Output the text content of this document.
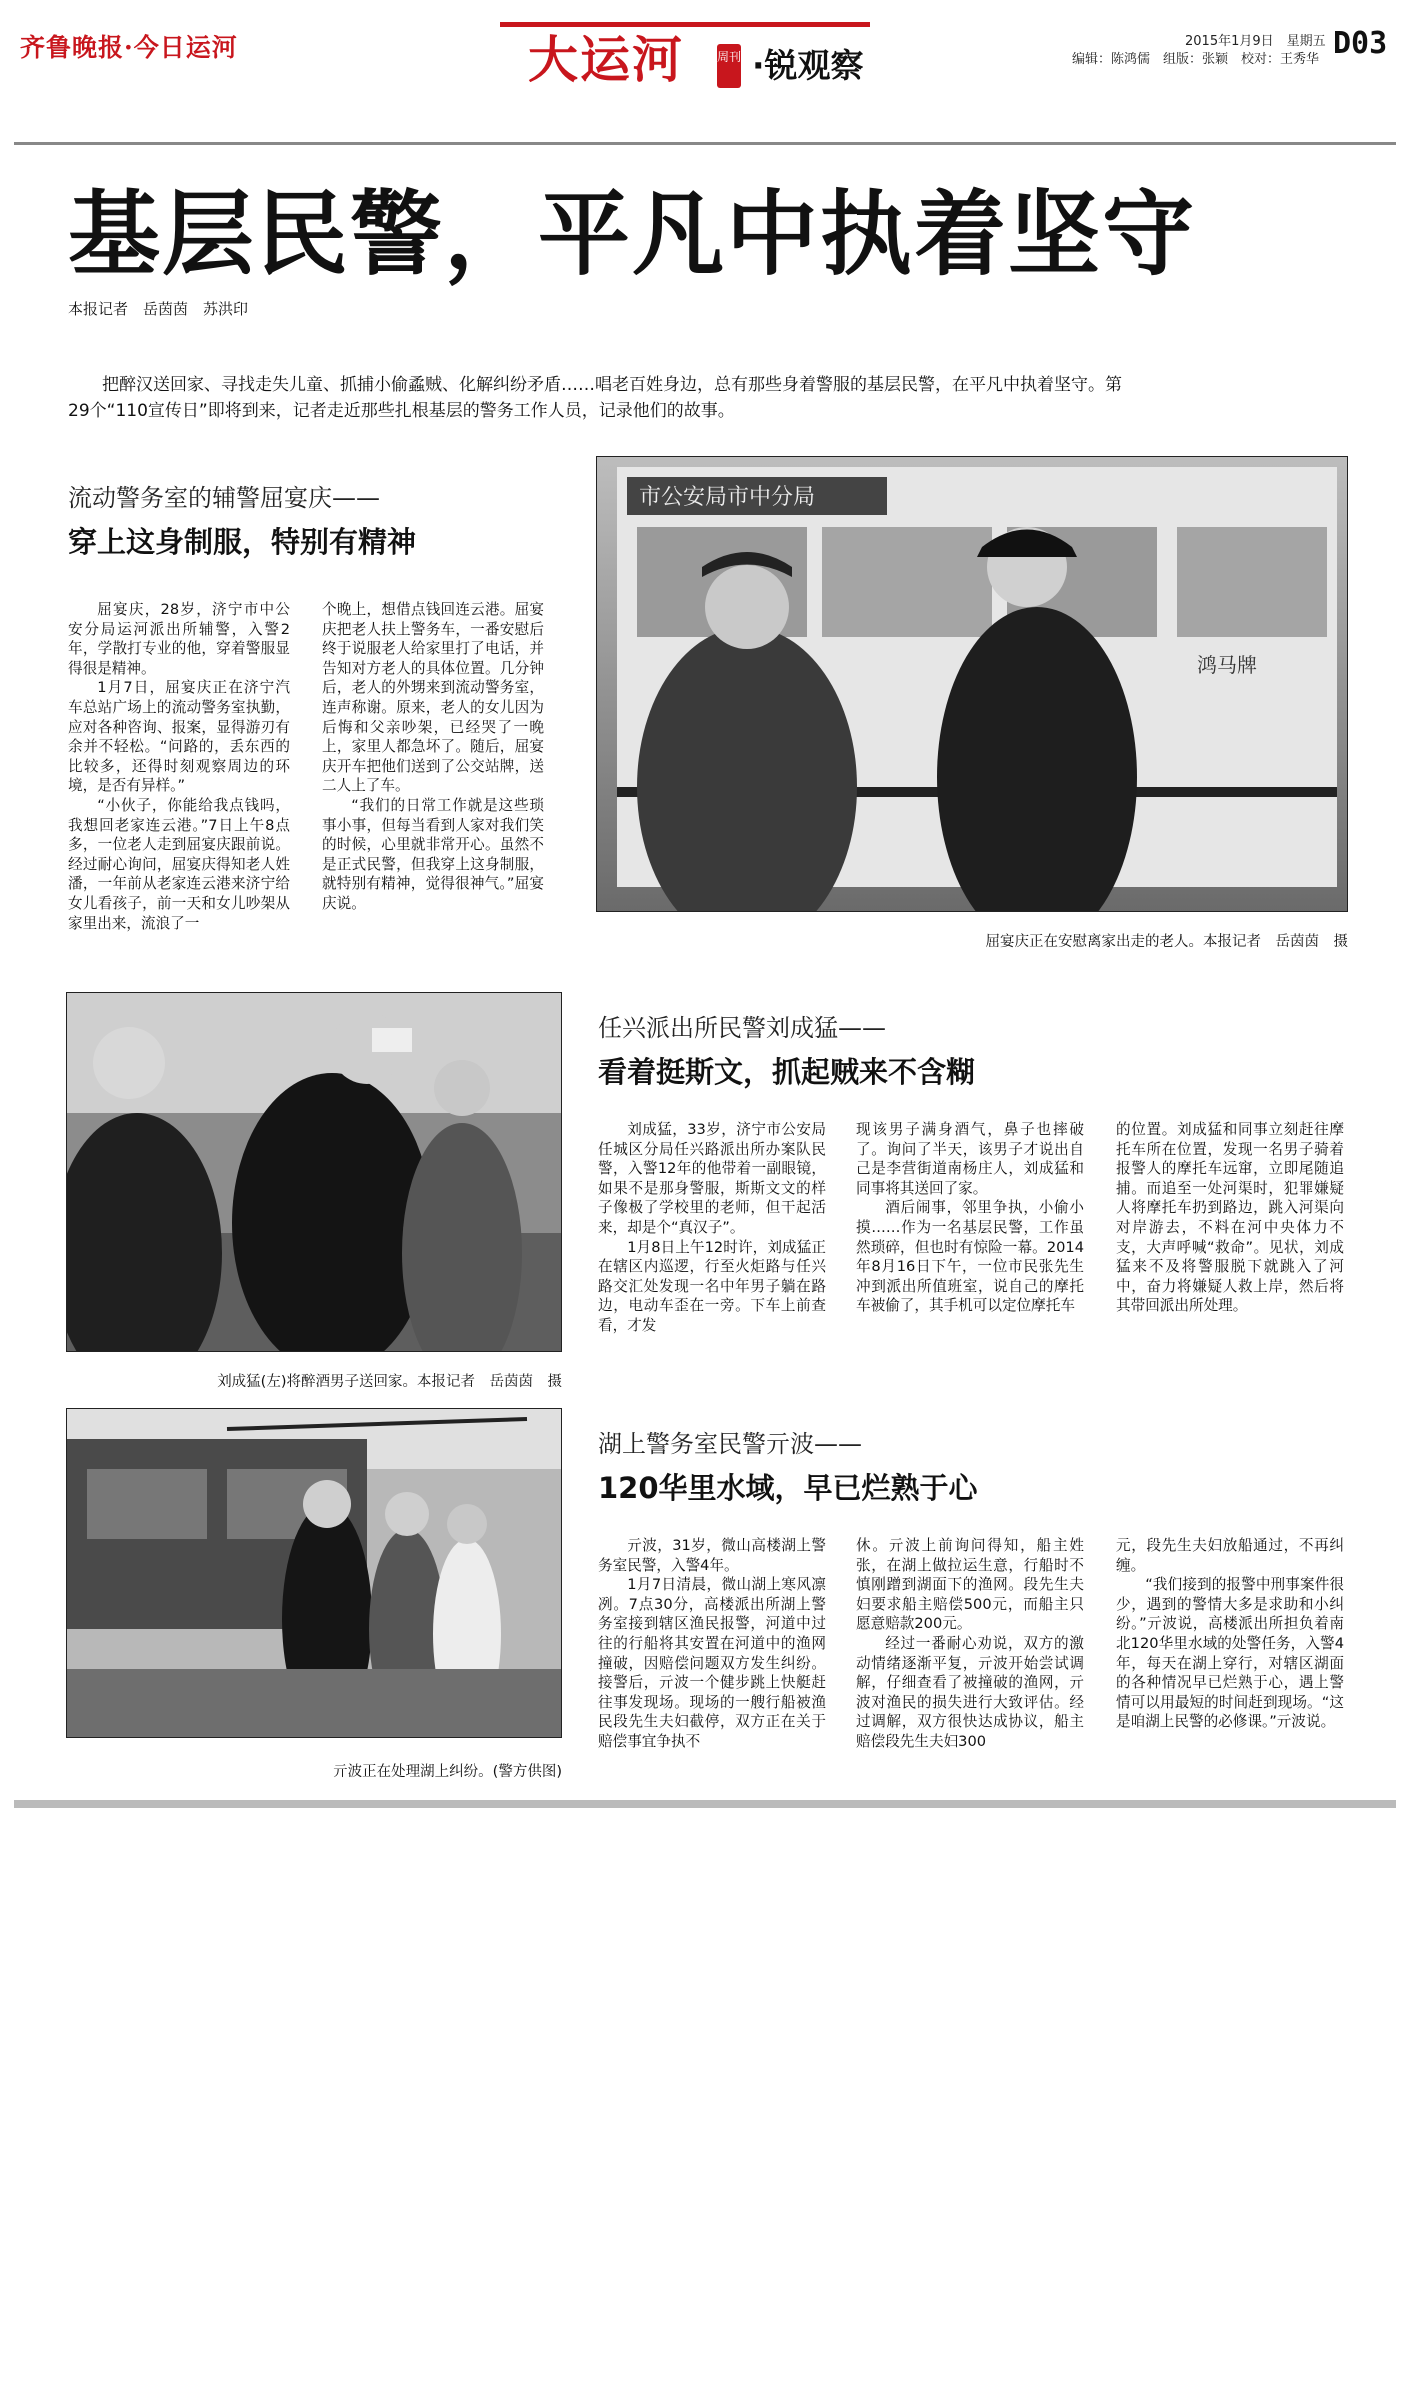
齐鲁晚报·今日运河	大运河	周刊 ·锐观察
2015年1月9日　星期五
编辑：陈鸿儒　组版：张颖　校对：王秀华 D03
基层民警，平凡中执着坚守
本报记者　岳茵茵　苏洪印
把醉汉送回家、寻找走失儿童、抓捕小偷蟊贼、化解纠纷矛盾……唱老百姓身边，总有那些身着警服的基层民警，在平凡中执着坚守。第29个“110宣传日”即将到来，记者走近那些扎根基层的警务工作人员，记录他们的故事。
流动警务室的辅警屈宴庆——
穿上这身制服，特别有精神

屈宴庆，28岁，济宁市中公安分局运河派出所辅警，入警2年，学散打专业的他，穿着警服显得很是精神。

1月7日，屈宴庆正在济宁汽车总站广场上的流动警务室执勤，应对各种咨询、报案，显得游刃有余并不轻松。“问路的，丢东西的比较多，还得时刻观察周边的环境，是否有异样。”

“小伙子，你能给我点钱吗，我想回老家连云港。”7日上午8点多，一位老人走到屈宴庆跟前说。经过耐心询问，屈宴庆得知老人姓潘，一年前从老家连云港来济宁给女儿看孩子，前一天和女儿吵架从家里出来，流浪了一

个晚上，想借点钱回连云港。屈宴庆把老人扶上警务车，一番安慰后终于说服老人给家里打了电话，并告知对方老人的具体位置。几分钟后，老人的外甥来到流动警务室，连声称谢。原来，老人的女儿因为后悔和父亲吵架，已经哭了一晚上，家里人都急坏了。随后，屈宴庆开车把他们送到了公交站牌，送二人上了车。

“我们的日常工作就是这些琐事小事，但每当看到人家对我们笑的时候，心里就非常开心。虽然不是正式民警，但我穿上这身制服，就特别有精神，觉得很神气。”屈宴庆说。

市公安局市中分局
鸿马牌
屈宴庆正在安慰离家出走的老人。本报记者　岳茵茵　摄
刘成猛(左)将醉酒男子送回家。本报记者　岳茵茵　摄
任兴派出所民警刘成猛——
看着挺斯文，抓起贼来不含糊

刘成猛，33岁，济宁市公安局任城区分局任兴路派出所办案队民警，入警12年的他带着一副眼镜，如果不是那身警服，斯斯文文的样子像极了学校里的老师，但干起活来，却是个“真汉子”。

1月8日上午12时许，刘成猛正在辖区内巡逻，行至火炬路与任兴路交汇处发现一名中年男子躺在路边，电动车歪在一旁。下车上前查看，才发

现该男子满身酒气，鼻子也摔破了。询问了半天，该男子才说出自己是李营街道南杨庄人，刘成猛和同事将其送回了家。

酒后闹事，邻里争执，小偷小摸……作为一名基层民警，工作虽然琐碎，但也时有惊险一幕。2014年8月16日下午，一位市民张先生冲到派出所值班室，说自己的摩托车被偷了，其手机可以定位摩托车

的位置。刘成猛和同事立刻赶往摩托车所在位置，发现一名男子骑着报警人的摩托车远窜，立即尾随追捕。而追至一处河渠时，犯罪嫌疑人将摩托车扔到路边，跳入河渠向对岸游去，不料在河中央体力不支，大声呼喊“救命”。见状，刘成猛来不及将警服脱下就跳入了河中，奋力将嫌疑人救上岸，然后将其带回派出所处理。

亓波正在处理湖上纠纷。(警方供图)
湖上警务室民警亓波——
120华里水域，早已烂熟于心

亓波，31岁，微山高楼湖上警务室民警，入警4年。

1月7日清晨，微山湖上寒风凛冽。7点30分，高楼派出所湖上警务室接到辖区渔民报警，河道中过往的行船将其安置在河道中的渔网撞破，因赔偿问题双方发生纠纷。接警后，亓波一个健步跳上快艇赶往事发现场。现场的一艘行船被渔民段先生夫妇截停，双方正在关于赔偿事宜争执不

休。亓波上前询问得知，船主姓张，在湖上做拉运生意，行船时不慎刚蹭到湖面下的渔网。段先生夫妇要求船主赔偿500元，而船主只愿意赔款200元。

经过一番耐心劝说，双方的激动情绪逐渐平复，亓波开始尝试调解，仔细查看了被撞破的渔网，亓波对渔民的损失进行大致评估。经过调解，双方很快达成协议，船主赔偿段先生夫妇300

元，段先生夫妇放船通过，不再纠缠。

“我们接到的报警中刑事案件很少，遇到的警情大多是求助和小纠纷。”亓波说，高楼派出所担负着南北120华里水域的处警任务，入警4年，每天在湖上穿行，对辖区湖面的各种情况早已烂熟于心，遇上警情可以用最短的时间赶到现场。“这是咱湖上民警的必修课。”亓波说。
